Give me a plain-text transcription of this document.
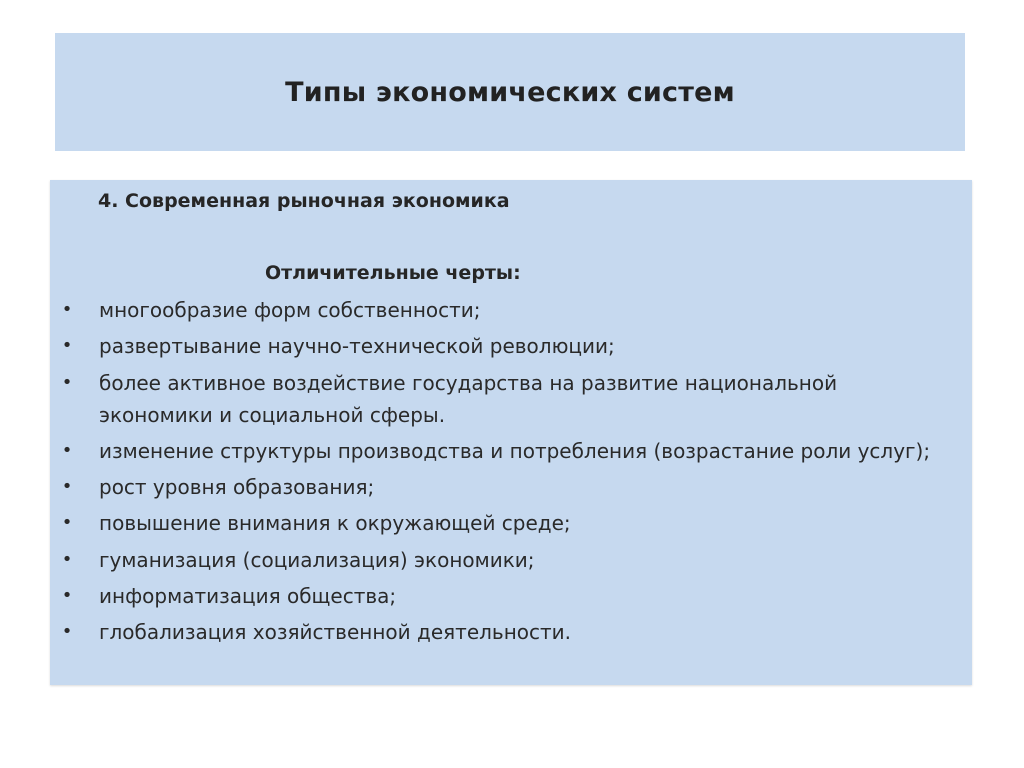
Типы экономических систем
4. Современная рыночная экономика
Отличительные черты:
• многообразие форм собственности;
• развертывание научно-технической революции;
• более активное воздействие государства на развитие национальной экономики и социальной сферы.
• изменение структуры производства и потребления (возрастание роли услуг);
• рост уровня образования;
• повышение внимания к окружающей среде;
• гуманизация (социализация) экономики;
• информатизация общества;
• глобализация хозяйственной деятельности.
